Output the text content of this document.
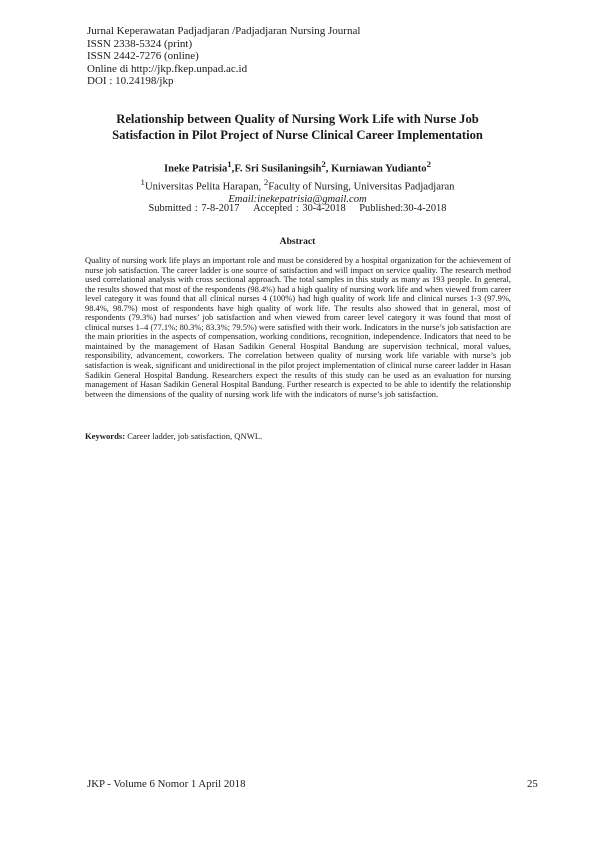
Jurnal Keperawatan Padjadjaran /Padjadjaran Nursing Journal
ISSN 2338-5324 (print)
ISSN 2442-7276 (online)
Online di http://jkp.fkep.unpad.ac.id
DOI : 10.24198/jkp
Relationship between Quality of Nursing Work Life with Nurse Job
Satisfaction in Pilot Project of Nurse Clinical Career Implementation
Ineke Patrisia$^1$,F. Sri Susilaningsih$^2$, Kurniawan Yudianto$^2$
$^1$Universitas Pelita Harapan, $^2$Faculty of Nursing, Universitas Padjadjaran
Email:inekepatrisia@gmail.com
Submitted : 7-8-2017 Accepted : 30-4-2018 Published:30-4-2018
Abstract
Quality of nursing work life plays an important role and must be considered by a hospital organization for the achievement of nurse job satisfaction. The career ladder is one source of satisfaction and will impact on service quality. The research method used correlational analysis with cross sectional approach. The total samples in this study as many as 193 people. In general, the results showed that most of the respondents (98.4%) had a high quality of nursing work life and when viewed from career level category it was found that all clinical nurses 4 (100%) had high quality of work life and clinical nurses 1-3 (97.9%, 98.4%, 98.7%) most of respondents have high quality of work life. The results also showed that in general, most of respondents (79.3%) had nurses’ job satisfaction and when viewed from career level category it was found that most of clinical nurses 1–4 (77.1%; 80.3%; 83.3%; 79.5%) were satisfied with their work. Indicators in the nurse’s job satisfaction are the main priorities in the aspects of compensation, working conditions, recognition, independence. Indicators that need to be maintained by the management of Hasan Sadikin General Hospital Bandung are supervision technical, moral values, responsibility, advancement, coworkers. The correlation between quality of nursing work life variable with nurse’s job satisfaction is weak, significant and unidirectional in the pilot project implementation of clinical nurse career ladder in Hasan Sadikin General Hospital Bandung. Researchers expect the results of this study can be used as an evaluation for nursing management of Hasan Sadikin General Hospital Bandung. Further research is expected to be able to identify the relationship between the dimensions of the quality of nursing work life with the indicators of nurse’s job satisfaction.
Keywords: Career ladder, job satisfaction, QNWL.
JKP - Volume 6 Nomor 1 April 2018	25
